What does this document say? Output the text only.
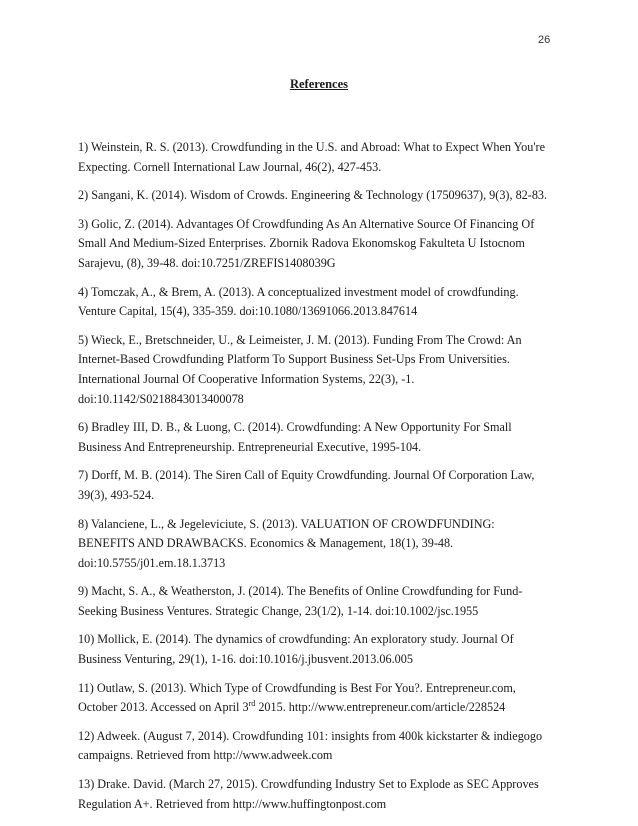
26
References
1) Weinstein, R. S. (2013). Crowdfunding in the U.S. and Abroad: What to Expect When You're
Expecting. Cornell International Law Journal, 46(2), 427-453.
2) Sangani, K. (2014). Wisdom of Crowds. Engineering & Technology (17509637), 9(3), 82-83.
3) Golic, Z. (2014). Advantages Of Crowdfunding As An Alternative Source Of Financing Of
Small And Medium-Sized Enterprises. Zbornik Radova Ekonomskog Fakulteta U Istocnom
Sarajevu, (8), 39-48. doi:10.7251/ZREFIS1408039G
4) Tomczak, A., & Brem, A. (2013). A conceptualized investment model of crowdfunding.
Venture Capital, 15(4), 335-359. doi:10.1080/13691066.2013.847614
5) Wieck, E., Bretschneider, U., & Leimeister, J. M. (2013). Funding From The Crowd: An
Internet-Based Crowdfunding Platform To Support Business Set-Ups From Universities.
International Journal Of Cooperative Information Systems, 22(3), -1.
doi:10.1142/S0218843013400078
6) Bradley III, D. B., & Luong, C. (2014). Crowdfunding: A New Opportunity For Small
Business And Entrepreneurship. Entrepreneurial Executive, 1995-104.
7) Dorff, M. B. (2014). The Siren Call of Equity Crowdfunding. Journal Of Corporation Law,
39(3), 493-524.
8) Valanciene, L., & Jegeleviciute, S. (2013). VALUATION OF CROWDFUNDING:
BENEFITS AND DRAWBACKS. Economics & Management, 18(1), 39-48.
doi:10.5755/j01.em.18.1.3713
9) Macht, S. A., & Weatherston, J. (2014). The Benefits of Online Crowdfunding for Fund-
Seeking Business Ventures. Strategic Change, 23(1/2), 1-14. doi:10.1002/jsc.1955
10) Mollick, E. (2014). The dynamics of crowdfunding: An exploratory study. Journal Of
Business Venturing, 29(1), 1-16. doi:10.1016/j.jbusvent.2013.06.005
11) Outlaw, S. (2013). Which Type of Crowdfunding is Best For You?. Entrepreneur.com,
October 2013. Accessed on April 3rd 2015. http://www.entrepreneur.com/article/228524
12) Adweek. (August 7, 2014). Crowdfunding 101: insights from 400k kickstarter & indiegogo
campaigns. Retrieved from http://www.adweek.com
13) Drake. David. (March 27, 2015). Crowdfunding Industry Set to Explode as SEC Approves
Regulation A+. Retrieved from http://www.huffingtonpost.com
